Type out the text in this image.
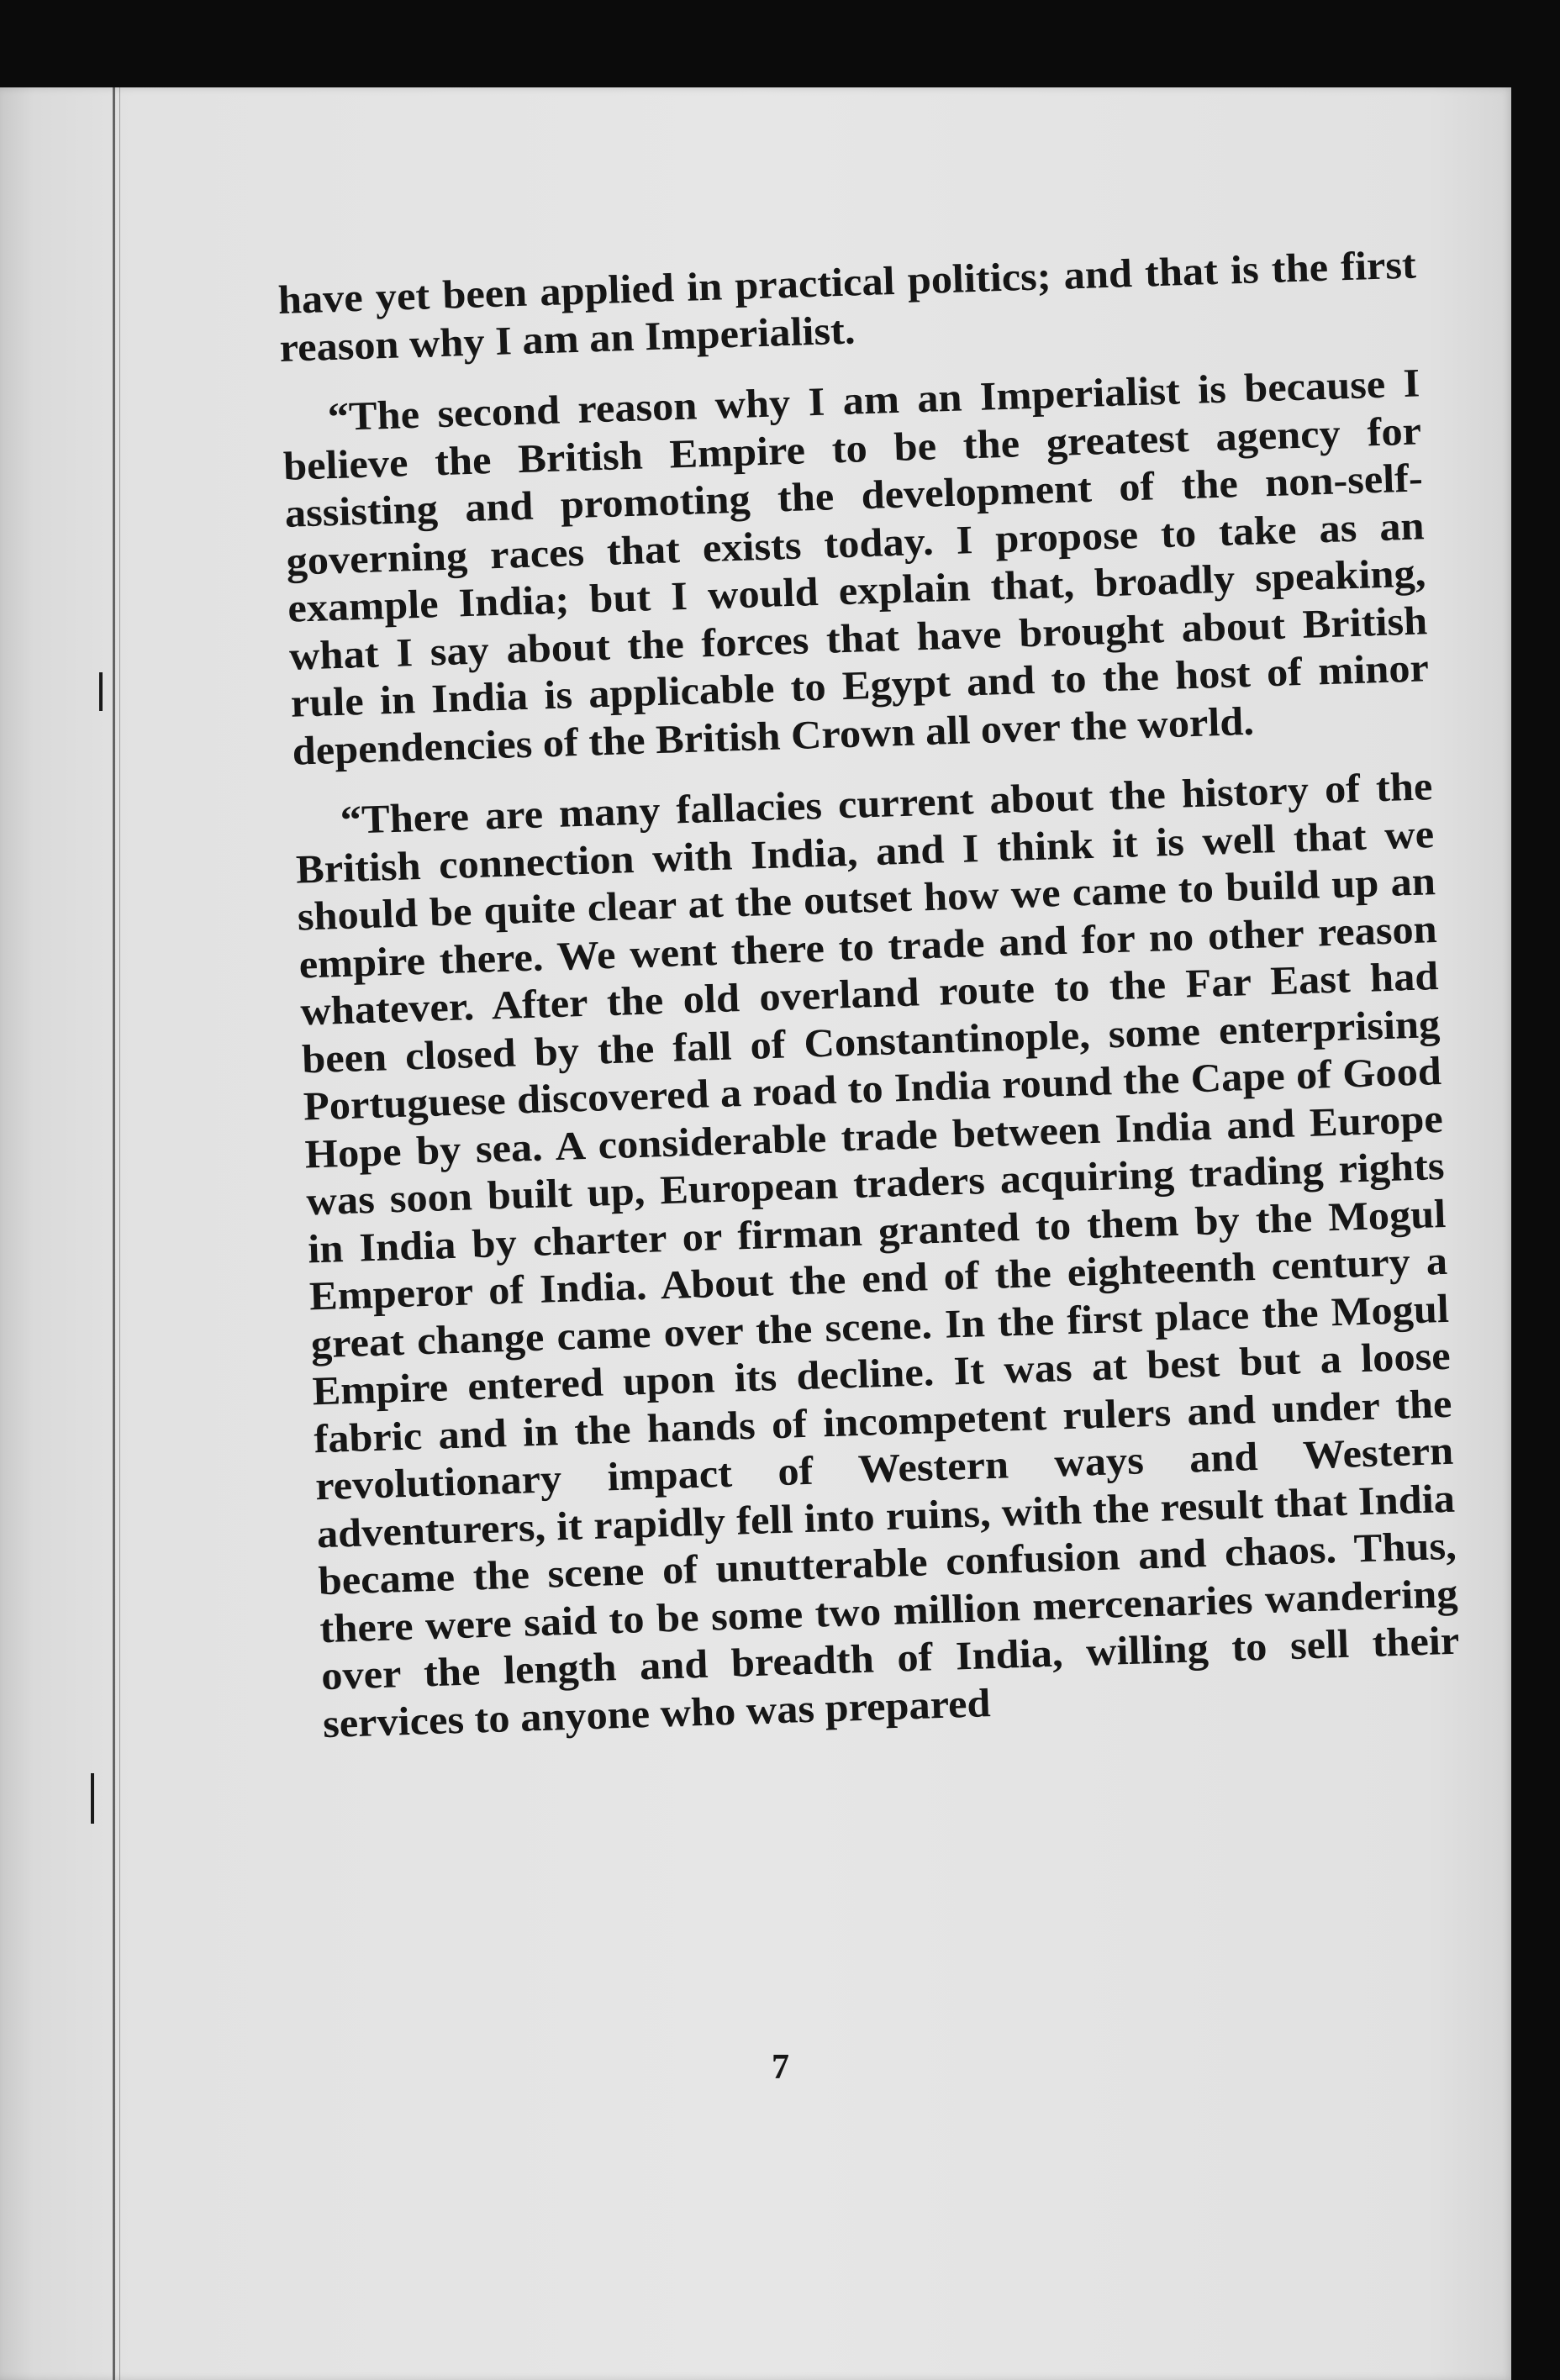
have yet been applied in practical politics; and that is the first reason why I am an Imperialist.

“The second reason why I am an Imperialist is because I believe the British Empire to be the greatest agency for assisting and promoting the development of the non-self-governing races that exists today. I propose to take as an example India; but I would explain that, broadly speaking, what I say about the forces that have brought about British rule in India is applicable to Egypt and to the host of minor dependencies of the British Crown all over the world.

“There are many fallacies current about the history of the British connection with India, and I think it is well that we should be quite clear at the outset how we came to build up an empire there. We went there to trade and for no other reason whatever. After the old overland route to the Far East had been closed by the fall of Constantinople, some enterprising Portuguese discovered a road to India round the Cape of Good Hope by sea. A considerable trade between India and Europe was soon built up, European traders acquiring trading rights in India by charter or firman granted to them by the Mogul Emperor of India. About the end of the eighteenth century a great change came over the scene. In the first place the Mogul Empire entered upon its decline. It was at best but a loose fabric and in the hands of incompetent rulers and under the revolutionary impact of Western ways and Western adventurers, it rapidly fell into ruins, with the result that India became the scene of unutterable confusion and chaos. Thus, there were said to be some two million mercenaries wandering over the length and breadth of India, willing to sell their services to anyone who was prepared

7
